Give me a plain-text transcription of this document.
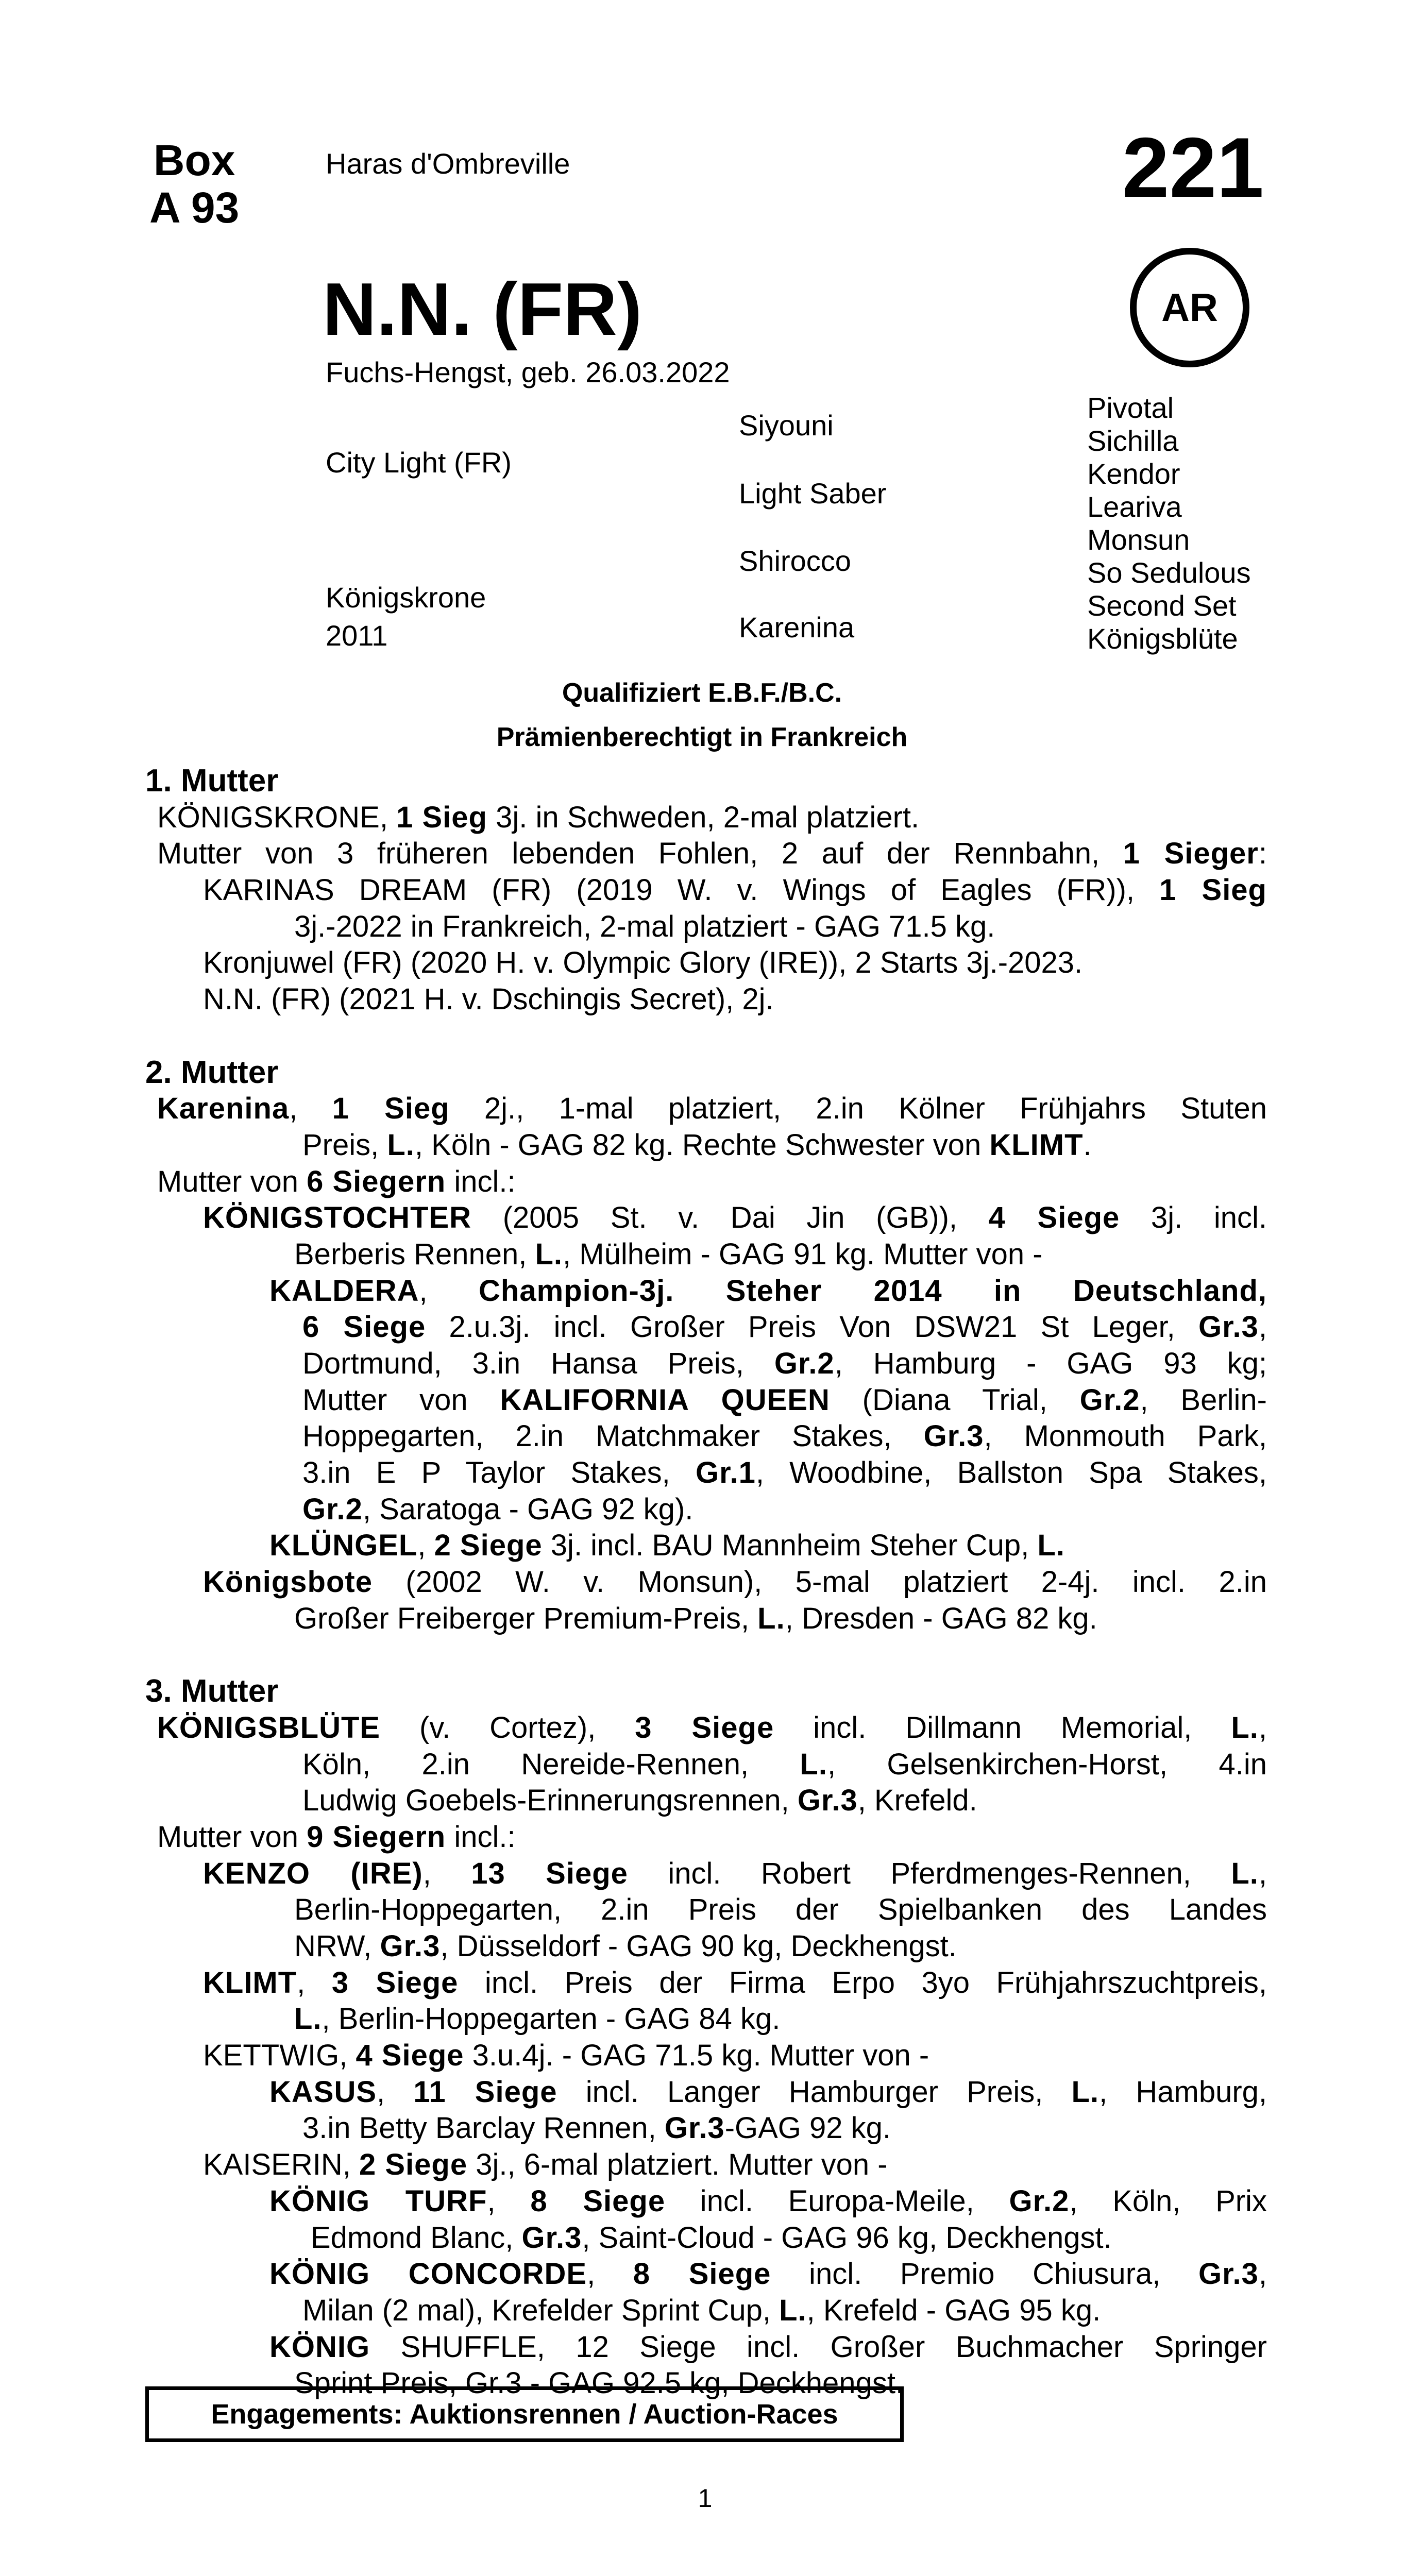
Box
A 93
Haras d'Ombreville	221
AR
N.N. (FR)
Fuchs-Hengst, geb. 26.03.2022
City Light (FR)
Königskrone
2011
Siyouni
Light Saber
Shirocco
Karenina
Pivotal
Sichilla
Kendor
Leariva
Monsun
So Sedulous
Second Set
Königsblüte
Qualifiziert E.B.F./B.C.
Prämienberechtigt in Frankreich
1. Mutter
KÖNIGSKRONE, 1 Sieg 3j. in Schweden, 2-mal platziert.
Mutter von 3 früheren lebenden Fohlen, 2 auf der Rennbahn, 1 Sieger:
KARINAS DREAM (FR) (2019 W. v. Wings of Eagles (FR)), 1 Sieg
3j.-2022 in Frankreich, 2-mal platziert - GAG 71.5 kg.
Kronjuwel (FR) (2020 H. v. Olympic Glory (IRE)), 2 Starts 3j.-2023.
N.N. (FR) (2021 H. v. Dschingis Secret), 2j.
2. Mutter
Karenina, 1 Sieg 2j., 1-mal platziert, 2.in Kölner Frühjahrs Stuten
Preis, L., Köln - GAG 82 kg. Rechte Schwester von KLIMT.
Mutter von 6 Siegern incl.:
KÖNIGSTOCHTER (2005 St. v. Dai Jin (GB)), 4 Siege 3j. incl.
Berberis Rennen, L., Mülheim - GAG 91 kg. Mutter von -
KALDERA, Champion-3j. Steher 2014 in Deutschland,
6 Siege 2.u.3j. incl. Großer Preis Von DSW21 St Leger, Gr.3,
Dortmund, 3.in Hansa Preis, Gr.2, Hamburg - GAG 93 kg;
Mutter von KALIFORNIA QUEEN (Diana Trial, Gr.2, Berlin-
Hoppegarten, 2.in Matchmaker Stakes, Gr.3, Monmouth Park,
3.in E P Taylor Stakes, Gr.1, Woodbine, Ballston Spa Stakes,
Gr.2, Saratoga - GAG 92 kg).
KLÜNGEL, 2 Siege 3j. incl. BAU Mannheim Steher Cup, L.
Königsbote (2002 W. v. Monsun), 5-mal platziert 2-4j. incl. 2.in
Großer Freiberger Premium-Preis, L., Dresden - GAG 82 kg.
3. Mutter
KÖNIGSBLÜTE (v. Cortez), 3 Siege incl. Dillmann Memorial, L.,
Köln, 2.in Nereide-Rennen, L., Gelsenkirchen-Horst, 4.in
Ludwig Goebels-Erinnerungsrennen, Gr.3, Krefeld.
Mutter von 9 Siegern incl.:
KENZO (IRE), 13 Siege incl. Robert Pferdmenges-Rennen, L.,
Berlin-Hoppegarten, 2.in Preis der Spielbanken des Landes
NRW, Gr.3, Düsseldorf - GAG 90 kg, Deckhengst.
KLIMT, 3 Siege incl. Preis der Firma Erpo 3yo Frühjahrszuchtpreis,
L., Berlin-Hoppegarten - GAG 84 kg.
KETTWIG, 4 Siege 3.u.4j. - GAG 71.5 kg. Mutter von -
KASUS, 11 Siege incl. Langer Hamburger Preis, L., Hamburg,
3.in Betty Barclay Rennen, Gr.3-GAG 92 kg.
KAISERIN, 2 Siege 3j., 6-mal platziert. Mutter von -
KÖNIG TURF, 8 Siege incl. Europa-Meile, Gr.2, Köln, Prix
Edmond Blanc, Gr.3, Saint-Cloud - GAG 96 kg, Deckhengst.
KÖNIG CONCORDE, 8 Siege incl. Premio Chiusura, Gr.3,
Milan (2 mal), Krefelder Sprint Cup, L., Krefeld - GAG 95 kg.
KÖNIG SHUFFLE, 12 Siege incl. Großer Buchmacher Springer
Sprint Preis, Gr.3 - GAG 92.5 kg, Deckhengst.
Engagements: Auktionsrennen / Auction-Races
1
